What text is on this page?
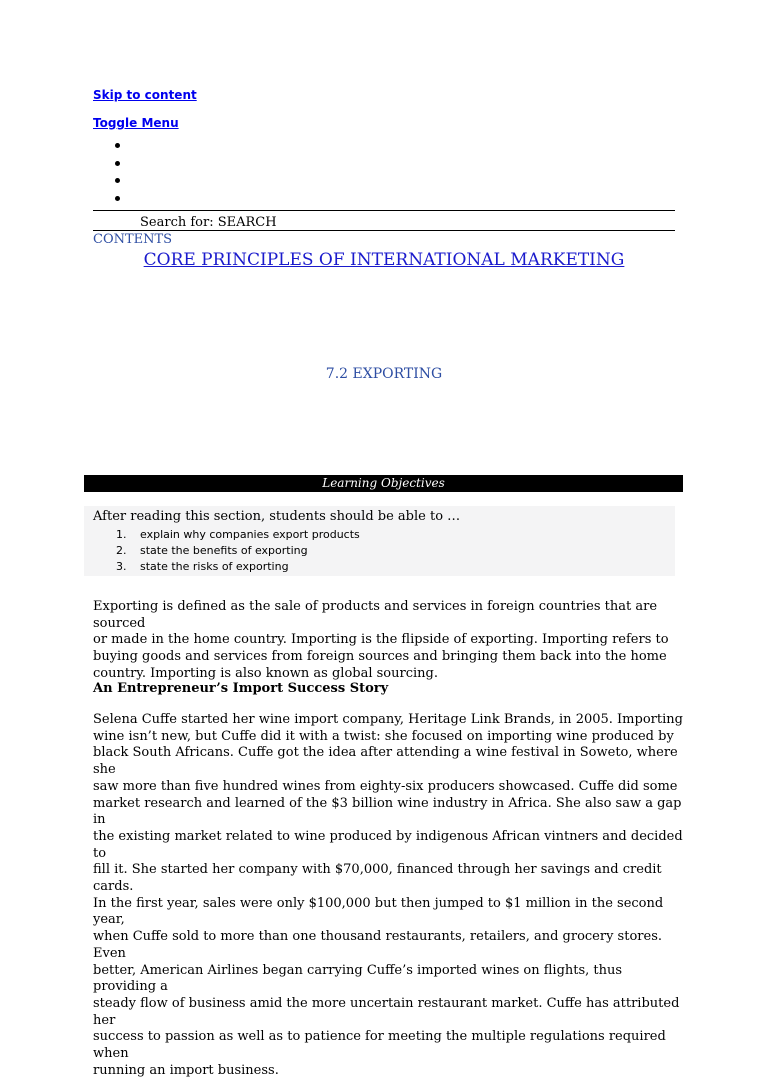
Skip to content
Toggle Menu
Search for: SEARCH
CONTENTS
CORE PRINCIPLES OF INTERNATIONAL MARKETING
7.2 EXPORTING
Learning Objectives
After reading this section, students should be able to …
1. explain why companies export products
2. state the benefits of exporting
3. state the risks of exporting

Exporting is defined as the sale of products and services in foreign countries that are sourced

or made in the home country. Importing is the flipside of exporting. Importing refers to

buying goods and services from foreign sources and bringing them back into the home

country. Importing is also known as global sourcing.

An Entrepreneur’s Import Success Story

Selena Cuffe started her wine import company, Heritage Link Brands, in 2005. Importing

wine isn’t new, but Cuffe did it with a twist: she focused on importing wine produced by

black South Africans. Cuffe got the idea after attending a wine festival in Soweto, where she

saw more than five hundred wines from eighty-six producers showcased. Cuffe did some

market research and learned of the $3 billion wine industry in Africa. She also saw a gap in

the existing market related to wine produced by indigenous African vintners and decided to

fill it. She started her company with $70,000, financed through her savings and credit cards.

In the first year, sales were only $100,000 but then jumped to $1 million in the second year,

when Cuffe sold to more than one thousand restaurants, retailers, and grocery stores. Even

better, American Airlines began carrying Cuffe’s imported wines on flights, thus providing a

steady flow of business amid the more uncertain restaurant market. Cuffe has attributed her

success to passion as well as to patience for meeting the multiple regulations required when

running an import business.
